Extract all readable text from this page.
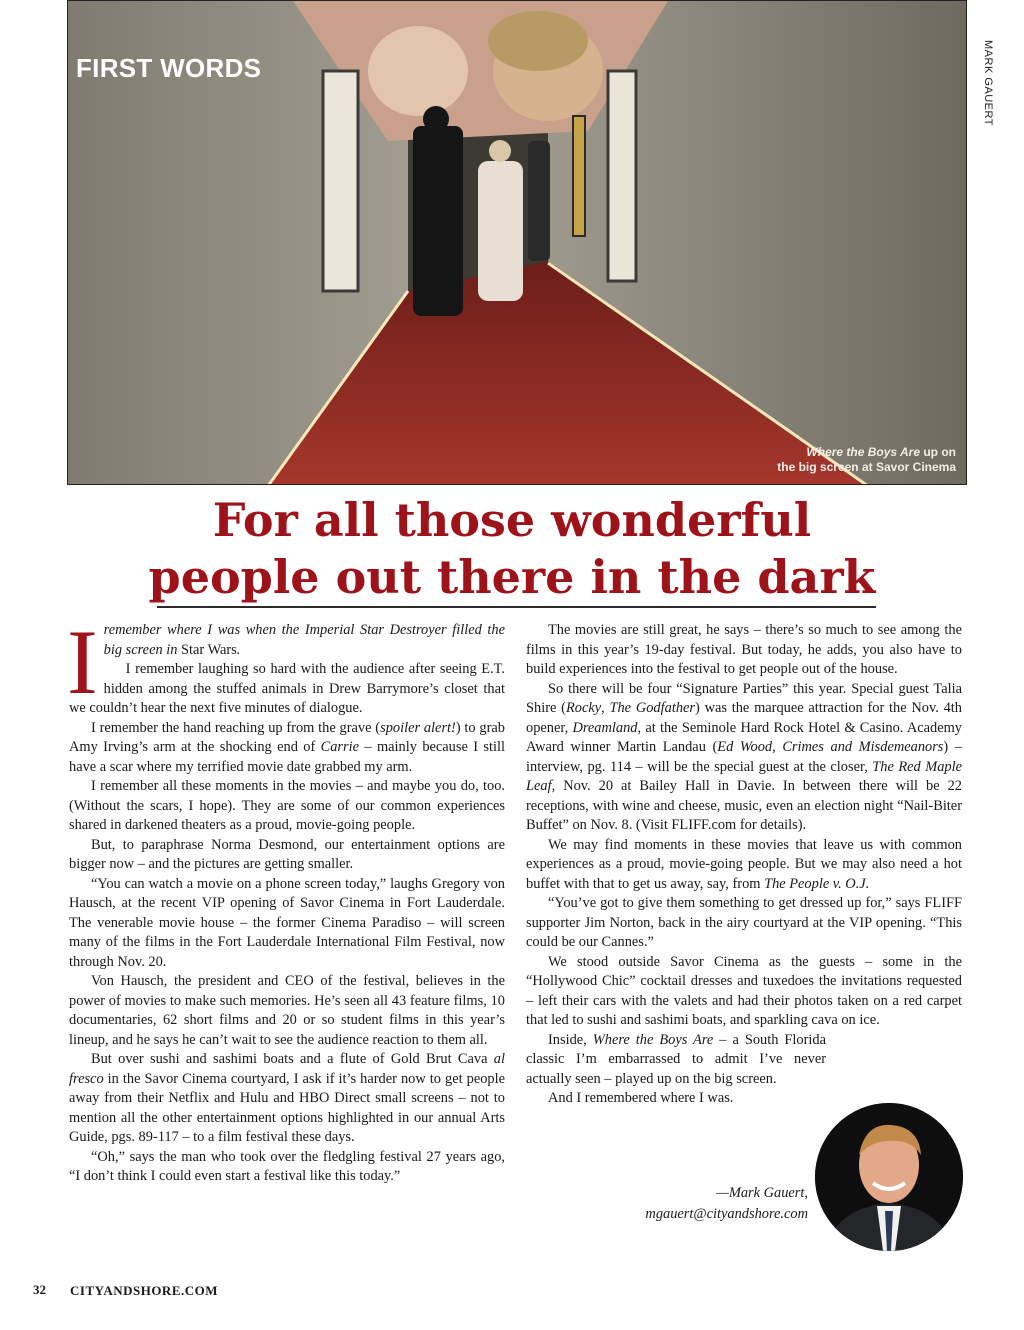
FIRST WORDS
Where the Boys Are up on
the big screen at Savor Cinema
MARK GAUERT
For all those wonderful
people out there in the dark
I remember where I was when the Imperial Star Destroyer filled the big screen in Star Wars.

I remember laughing so hard with the audience after seeing E.T. hidden among the stuffed animals in Drew Barrymore’s closet that we couldn’t hear the next five minutes of dialogue.

I remember the hand reaching up from the grave (spoiler alert!) to grab Amy Irving’s arm at the shocking end of Carrie – mainly because I still have a scar where my terrified movie date grabbed my arm.

I remember all these moments in the movies – and maybe you do, too. (Without the scars, I hope). They are some of our common experiences shared in darkened theaters as a proud, movie-going people.

But, to paraphrase Norma Desmond, our entertainment options are bigger now – and the pictures are getting smaller.

“You can watch a movie on a phone screen today,” laughs Gregory von Hausch, at the recent VIP opening of Savor Cinema in Fort Lauderdale. The venerable movie house – the former Cinema Paradiso – will screen many of the films in the Fort Lauderdale International Film Festival, now through Nov. 20.

Von Hausch, the president and CEO of the festival, believes in the power of movies to make such memories. He’s seen all 43 feature films, 10 documentaries, 62 short films and 20 or so student films in this year’s lineup, and he says he can’t wait to see the audience reaction to them all.

But over sushi and sashimi boats and a flute of Gold Brut Cava al fresco in the Savor Cinema courtyard, I ask if it’s harder now to get people away from their Netflix and Hulu and HBO Direct small screens – not to mention all the other entertainment options highlighted in our annual Arts Guide, pgs. 89-117 – to a film festival these days.

“Oh,” says the man who took over the fledgling festival 27 years ago, “I don’t think I could even start a festival like this today.”

The movies are still great, he says – there’s so much to see among the films in this year’s 19-day festival. But today, he adds, you also have to build experiences into the festival to get people out of the house.

So there will be four “Signature Parties” this year. Special guest Talia Shire (Rocky, The Godfather) was the marquee attraction for the Nov. 4th opener, Dreamland, at the Seminole Hard Rock Hotel & Casino. Academy Award winner Martin Landau (Ed Wood, Crimes and Misdemeanors) – interview, pg. 114 – will be the special guest at the closer, The Red Maple Leaf, Nov. 20 at Bailey Hall in Davie. In between there will be 22 receptions, with wine and cheese, music, even an election night “Nail-Biter Buffet” on Nov. 8. (Visit FLIFF.com for details).

We may find moments in these movies that leave us with common experiences as a proud, movie-going people. But we may also need a hot buffet with that to get us away, say, from The People v. O.J.

“You’ve got to give them something to get dressed up for,” says FLIFF supporter Jim Norton, back in the airy courtyard at the VIP opening. “This could be our Cannes.”

We stood outside Savor Cinema as the guests – some in the “Hollywood Chic” cocktail dresses and tuxedoes the invitations requested – left their cars with the valets and had their photos taken on a red carpet that led to sushi and sashimi boats, and sparkling cava on ice.

Inside, Where the Boys Are – a South Florida classic I’m embarrassed to admit I’ve never actually seen – played up on the big screen.

And I remembered where I was.

—Mark Gauert,
mgauert@cityandshore.com
32 CITYANDSHORE.COM
